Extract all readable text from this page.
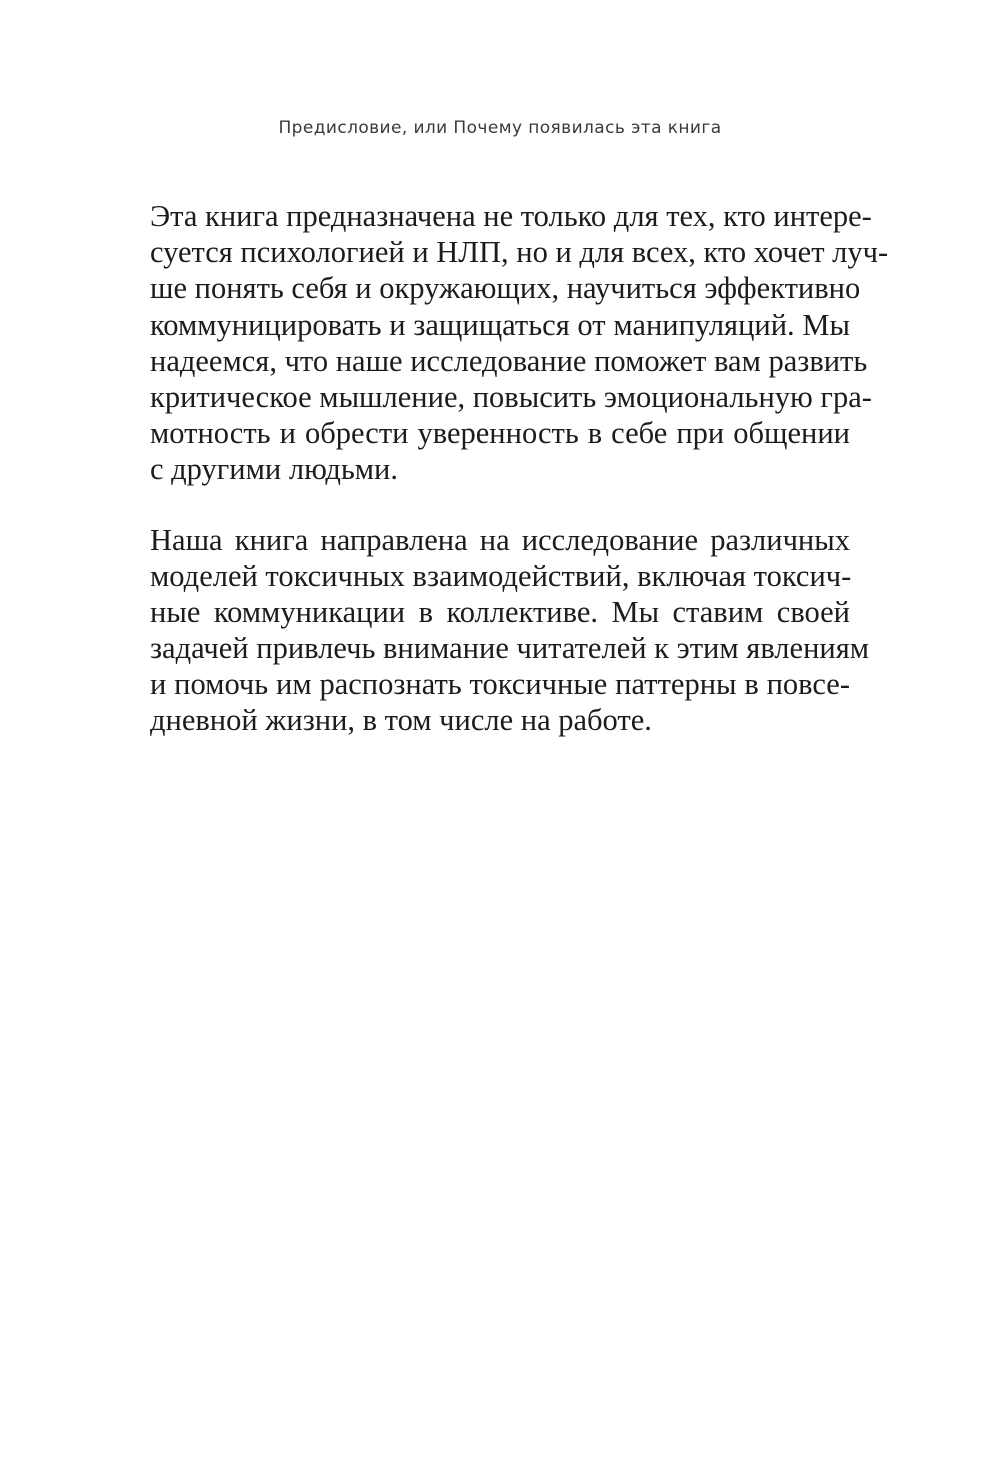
Предисловие, или Почему появилась эта книга

Эта книга предназначена не только для тех, кто интере-
суется психологией и НЛП, но и для всех, кто хочет луч-
ше понять себя и окружающих, научиться эффективно
коммуницировать и защищаться от манипуляций. Мы
надеемся, что наше исследование поможет вам развить
критическое мышление, повысить эмоциональную гра-
мотность и обрести уверенность в себе при общении
с другими людьми.

Наша книга направлена на исследование различных
моделей токсичных взаимодействий, включая токсич-
ные коммуникации в коллективе. Мы ставим своей
задачей привлечь внимание читателей к этим явлениям
и помочь им распознать токсичные паттерны в повсе-
дневной жизни, в том числе на работе.
